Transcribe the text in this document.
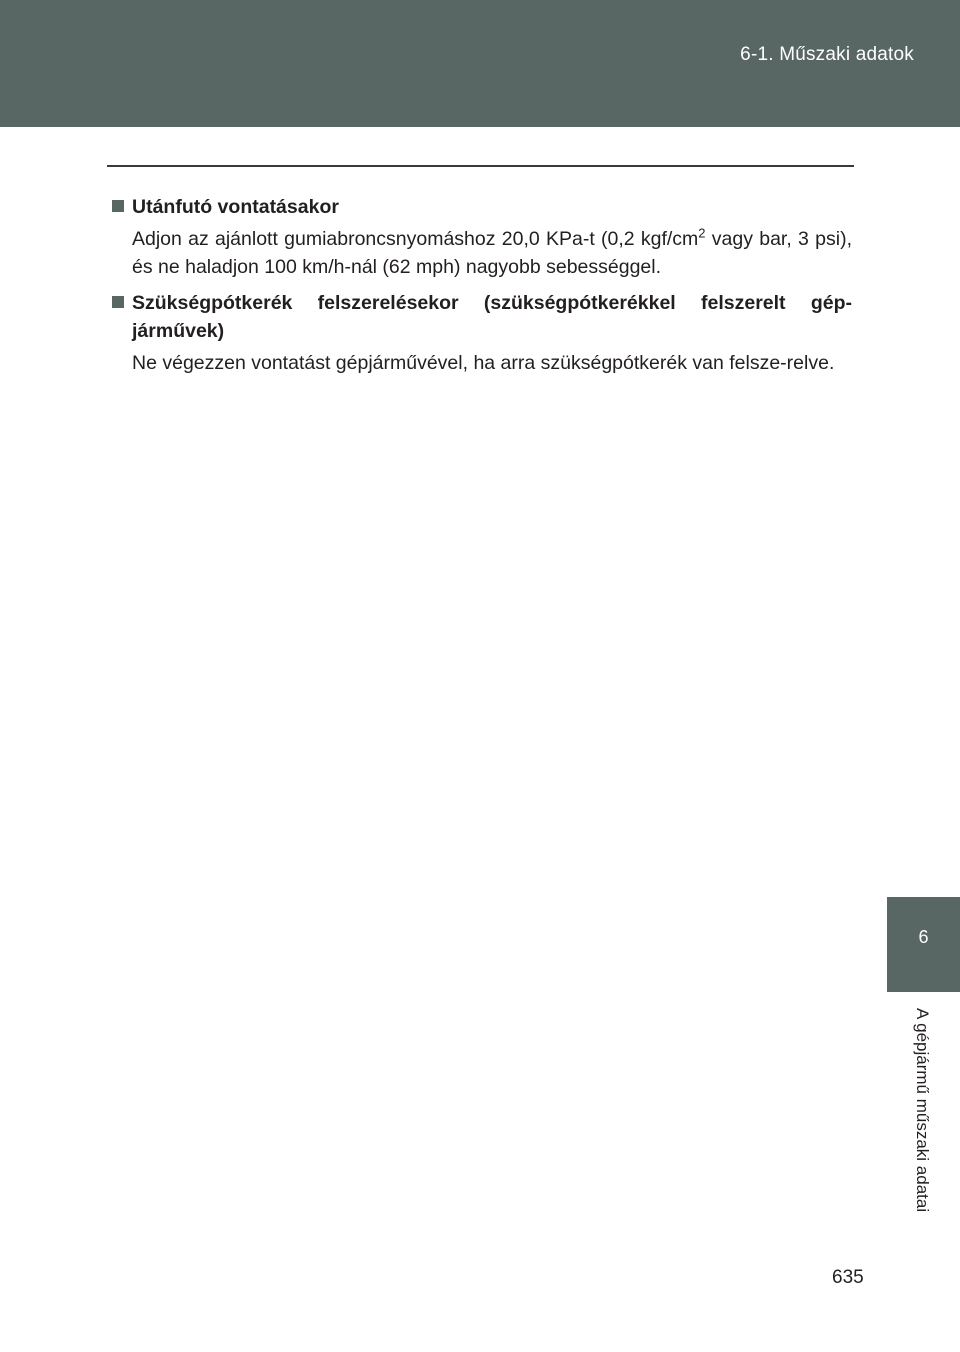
6-1. Műszaki adatok
Utánfutó vontatásakor
Adjon az ajánlott gumiabroncsnyomáshoz 20,0 KPa-t (0,2 kgf/$cm^2$ vagy bar, 3 psi), és ne haladjon 100 km/h-nál (62 mph) nagyobb sebességgel.
Szükségpótkerék felszerelésekor (szükségpótkerékkel felszerelt gép-járművek)
Ne végezzen vontatást gépjárművével, ha arra szükségpótkerék van felsze-relve.
6
A gépjármű műszaki adatai
635
